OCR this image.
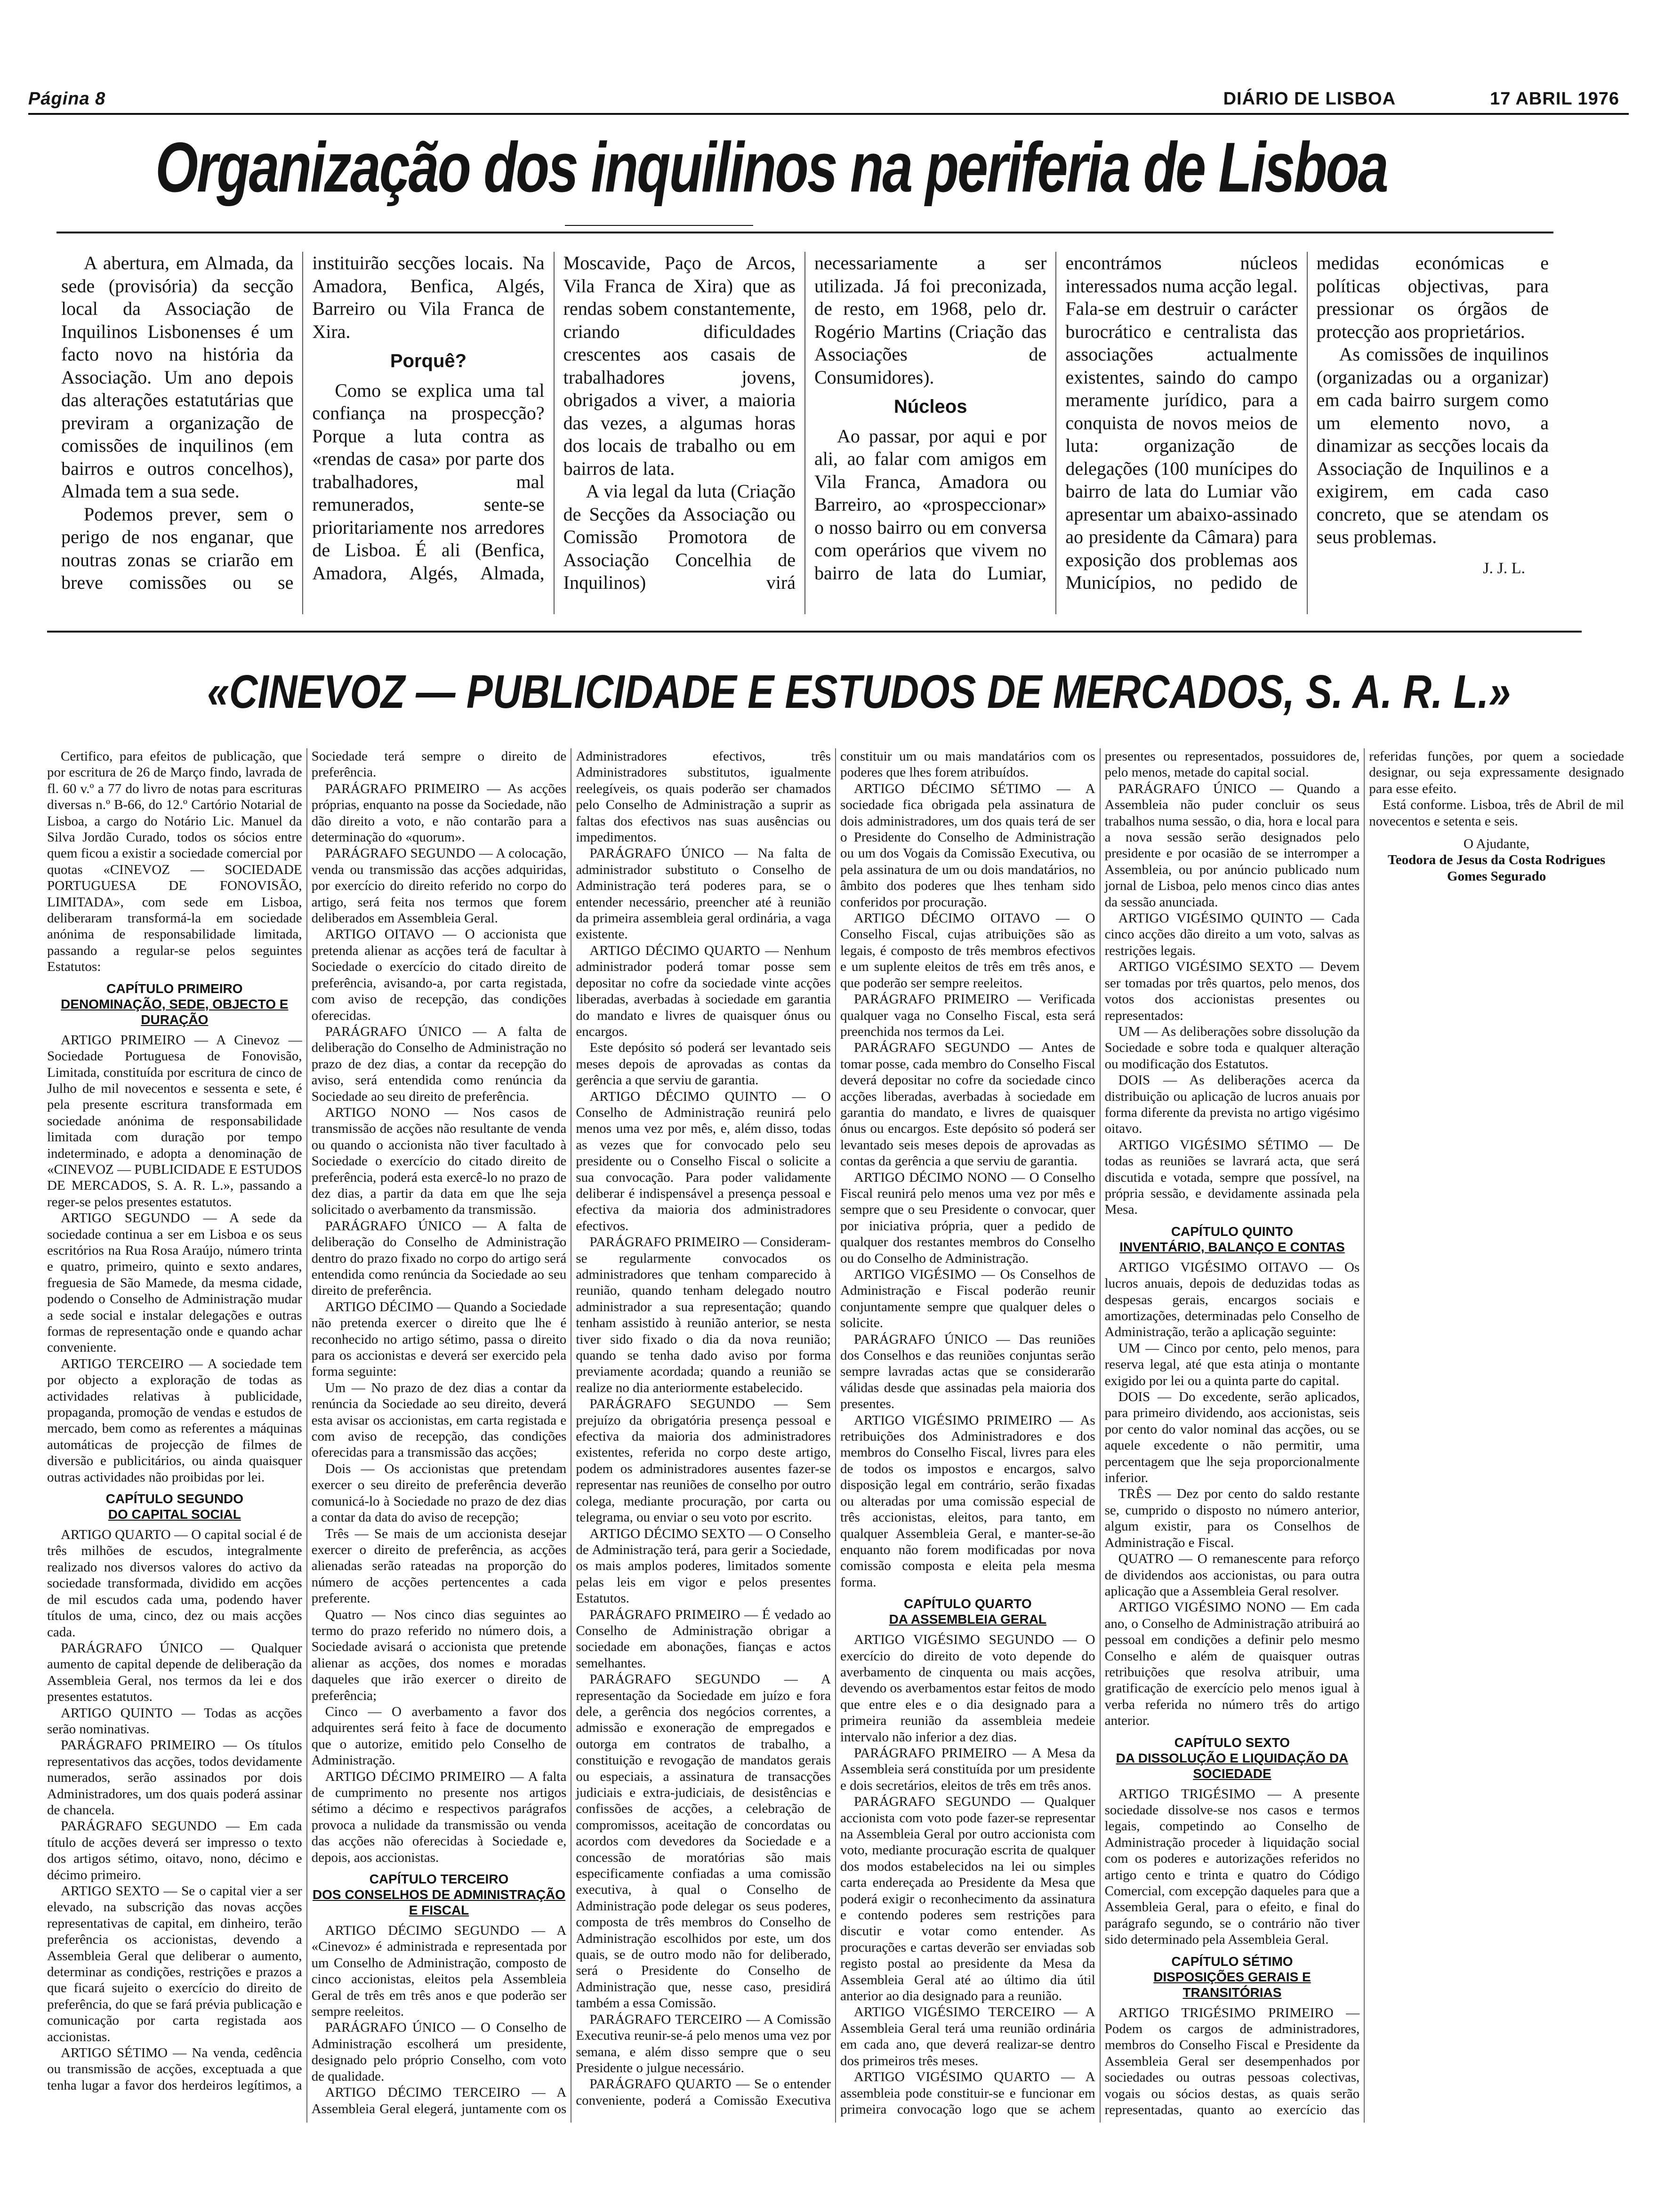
Página 8	DIÁRIO DE LISBOA	17 ABRIL 1976
Organização dos inquilinos na periferia de Lisboa

A abertura, em Almada, da sede (provisória) da secção local da Associação de Inquilinos Lisbonenses é um facto novo na história da Associação. Um ano depois das alterações estatutárias que previram a organização de comissões de inquilinos (em bairros e outros concelhos), Almada tem a sua sede.

Podemos prever, sem o perigo de nos enganar, que noutras zonas se criarão em breve comissões ou se instituirão secções locais. Na Amadora, Benfica, Algés, Barreiro ou Vila Franca de Xira.

Porquê?

Como se explica uma tal confiança na prospecção? Porque a luta contra as «rendas de casa» por parte dos trabalhadores, mal remunerados, sente-se prioritariamente nos arredores de Lisboa. É ali (Benfica, Amadora, Algés, Almada, Moscavide, Paço de Arcos, Vila Franca de Xira) que as rendas sobem constantemente, criando dificuldades crescentes aos casais de trabalhadores jovens, obrigados a viver, a maioria das vezes, a algumas horas dos locais de trabalho ou em bairros de lata.

A via legal da luta (Criação de Secções da Associação ou Comissão Promotora de Associação Concelhia de Inquilinos) virá necessariamente a ser utilizada. Já foi preconizada, de resto, em 1968, pelo dr. Rogério Martins (Criação das Associações de Consumidores).

Núcleos

Ao passar, por aqui e por ali, ao falar com amigos em Vila Franca, Amadora ou Barreiro, ao «prospeccionar» o nosso bairro ou em conversa com operários que vivem no bairro de lata do Lumiar, encontrámos núcleos interessados numa acção legal. Fala-se em destruir o carácter burocrático e centralista das associações actualmente existentes, saindo do campo meramente jurídico, para a conquista de novos meios de luta: organização de delegações (100 munícipes do bairro de lata do Lumiar vão apresentar um abaixo-assinado ao presidente da Câmara) para exposição dos problemas aos Municípios, no pedido de medidas económicas e políticas objectivas, para pressionar os órgãos de protecção aos proprietários.

As comissões de inquilinos (organizadas ou a organizar) em cada bairro surgem como um elemento novo, a dinamizar as secções locais da Associação de Inquilinos e a exigirem, em cada caso concreto, que se atendam os seus problemas.

J. J. L.

«CINEVOZ — PUBLICIDADE E ESTUDOS DE MERCADOS, S. A. R. L.»

Certifico, para efeitos de publicação, que por escritura de 26 de Março findo, lavrada de fl. 60 v.º a 77 do livro de notas para escrituras diversas n.º B-66, do 12.º Cartório Notarial de Lisboa, a cargo do Notário Lic. Manuel da Silva Jordão Curado, todos os sócios entre quem ficou a existir a sociedade comercial por quotas «CINEVOZ — SOCIEDADE PORTUGUESA DE FONOVISÃO, LIMITADA», com sede em Lisboa, deliberaram transformá-la em sociedade anónima de responsabilidade limitada, passando a regular-se pelos seguintes Estatutos:

CAPÍTULO PRIMEIRO
DENOMINAÇÃO, SEDE, OBJECTO E DURAÇÃO

ARTIGO PRIMEIRO — A Cinevoz — Sociedade Portuguesa de Fonovisão, Limitada, constituída por escritura de cinco de Julho de mil novecentos e sessenta e sete, é pela presente escritura transformada em sociedade anónima de responsabilidade limitada com duração por tempo indeterminado, e adopta a denominação de «CINEVOZ — PUBLICIDADE E ESTUDOS DE MERCADOS, S. A. R. L.», passando a reger-se pelos presentes estatutos.

ARTIGO SEGUNDO — A sede da sociedade continua a ser em Lisboa e os seus escritórios na Rua Rosa Araújo, número trinta e quatro, primeiro, quinto e sexto andares, freguesia de São Mamede, da mesma cidade, podendo o Conselho de Administração mudar a sede social e instalar delegações e outras formas de representação onde e quando achar conveniente.

ARTIGO TERCEIRO — A sociedade tem por objecto a exploração de todas as actividades relativas à publicidade, propaganda, promoção de vendas e estudos de mercado, bem como as referentes a máquinas automáticas de projecção de filmes de diversão e publicitários, ou ainda quaisquer outras actividades não proibidas por lei.

CAPÍTULO SEGUNDO
DO CAPITAL SOCIAL

ARTIGO QUARTO — O capital social é de três milhões de escudos, integralmente realizado nos diversos valores do activo da sociedade transformada, dividido em acções de mil escudos cada uma, podendo haver títulos de uma, cinco, dez ou mais acções cada.

PARÁGRAFO ÚNICO — Qualquer aumento de capital depende de deliberação da Assembleia Geral, nos termos da lei e dos presentes estatutos.

ARTIGO QUINTO — Todas as acções serão nominativas.

PARÁGRAFO PRIMEIRO — Os títulos representativos das acções, todos devidamente numerados, serão assinados por dois Administradores, um dos quais poderá assinar de chancela.

PARÁGRAFO SEGUNDO — Em cada título de acções deverá ser impresso o texto dos artigos sétimo, oitavo, nono, décimo e décimo primeiro.

ARTIGO SEXTO — Se o capital vier a ser elevado, na subscrição das novas acções representativas de capital, em dinheiro, terão preferência os accionistas, devendo a Assembleia Geral que deliberar o aumento, determinar as condições, restrições e prazos a que ficará sujeito o exercício do direito de preferência, do que se fará prévia publicação e comunicação por carta registada aos accionistas.

ARTIGO SÉTIMO — Na venda, cedência ou transmissão de acções, exceptuada a que tenha lugar a favor dos herdeiros legítimos, a Sociedade terá sempre o direito de preferência.

PARÁGRAFO PRIMEIRO — As acções próprias, enquanto na posse da Sociedade, não dão direito a voto, e não contarão para a determinação do «quorum».

PARÁGRAFO SEGUNDO — A colocação, venda ou transmissão das acções adquiridas, por exercício do direito referido no corpo do artigo, será feita nos termos que forem deliberados em Assembleia Geral.

ARTIGO OITAVO — O accionista que pretenda alienar as acções terá de facultar à Sociedade o exercício do citado direito de preferência, avisando-a, por carta registada, com aviso de recepção, das condições oferecidas.

PARÁGRAFO ÚNICO — A falta de deliberação do Conselho de Administração no prazo de dez dias, a contar da recepção do aviso, será entendida como renúncia da Sociedade ao seu direito de preferência.

ARTIGO NONO — Nos casos de transmissão de acções não resultante de venda ou quando o accionista não tiver facultado à Sociedade o exercício do citado direito de preferência, poderá esta exercê-lo no prazo de dez dias, a partir da data em que lhe seja solicitado o averbamento da transmissão.

PARÁGRAFO ÚNICO — A falta de deliberação do Conselho de Administração dentro do prazo fixado no corpo do artigo será entendida como renúncia da Sociedade ao seu direito de preferência.

ARTIGO DÉCIMO — Quando a Sociedade não pretenda exercer o direito que lhe é reconhecido no artigo sétimo, passa o direito para os accionistas e deverá ser exercido pela forma seguinte:

Um — No prazo de dez dias a contar da renúncia da Sociedade ao seu direito, deverá esta avisar os accionistas, em carta registada e com aviso de recepção, das condições oferecidas para a transmissão das acções;

Dois — Os accionistas que pretendam exercer o seu direito de preferência deverão comunicá-lo à Sociedade no prazo de dez dias a contar da data do aviso de recepção;

Três — Se mais de um accionista desejar exercer o direito de preferência, as acções alienadas serão rateadas na proporção do número de acções pertencentes a cada preferente.

Quatro — Nos cinco dias seguintes ao termo do prazo referido no número dois, a Sociedade avisará o accionista que pretende alienar as acções, dos nomes e moradas daqueles que irão exercer o direito de preferência;

Cinco — O averbamento a favor dos adquirentes será feito à face de documento que o autorize, emitido pelo Conselho de Administração.

ARTIGO DÉCIMO PRIMEIRO — A falta de cumprimento no presente nos artigos sétimo a décimo e respectivos parágrafos provoca a nulidade da transmissão ou venda das acções não oferecidas à Sociedade e, depois, aos accionistas.

CAPÍTULO TERCEIRO
DOS CONSELHOS DE ADMINISTRAÇÃO E FISCAL

ARTIGO DÉCIMO SEGUNDO — A «Cinevoz» é administrada e representada por um Conselho de Administração, composto de cinco accionistas, eleitos pela Assembleia Geral de três em três anos e que poderão ser sempre reeleitos.

PARÁGRAFO ÚNICO — O Conselho de Administração escolherá um presidente, designado pelo próprio Conselho, com voto de qualidade.

ARTIGO DÉCIMO TERCEIRO — A Assembleia Geral elegerá, juntamente com os Administradores efectivos, três Administradores substitutos, igualmente reelegíveis, os quais poderão ser chamados pelo Conselho de Administração a suprir as faltas dos efectivos nas suas ausências ou impedimentos.

PARÁGRAFO ÚNICO — Na falta de administrador substituto o Conselho de Administração terá poderes para, se o entender necessário, preencher até à reunião da primeira assembleia geral ordinária, a vaga existente.

ARTIGO DÉCIMO QUARTO — Nenhum administrador poderá tomar posse sem depositar no cofre da sociedade vinte acções liberadas, averbadas à sociedade em garantia do mandato e livres de quaisquer ónus ou encargos.

Este depósito só poderá ser levantado seis meses depois de aprovadas as contas da gerência a que serviu de garantia.

ARTIGO DÉCIMO QUINTO — O Conselho de Administração reunirá pelo menos uma vez por mês, e, além disso, todas as vezes que for convocado pelo seu presidente ou o Conselho Fiscal o solicite a sua convocação. Para poder validamente deliberar é indispensável a presença pessoal e efectiva da maioria dos administradores efectivos.

PARÁGRAFO PRIMEIRO — Consideram-se regularmente convocados os administradores que tenham comparecido à reunião, quando tenham delegado noutro administrador a sua representação; quando tenham assistido à reunião anterior, se nesta tiver sido fixado o dia da nova reunião; quando se tenha dado aviso por forma previamente acordada; quando a reunião se realize no dia anteriormente estabelecido.

PARÁGRAFO SEGUNDO — Sem prejuízo da obrigatória presença pessoal e efectiva da maioria dos administradores existentes, referida no corpo deste artigo, podem os administradores ausentes fazer-se representar nas reuniões de conselho por outro colega, mediante procuração, por carta ou telegrama, ou enviar o seu voto por escrito.

ARTIGO DÉCIMO SEXTO — O Conselho de Administração terá, para gerir a Sociedade, os mais amplos poderes, limitados somente pelas leis em vigor e pelos presentes Estatutos.

PARÁGRAFO PRIMEIRO — É vedado ao Conselho de Administração obrigar a sociedade em abonações, fianças e actos semelhantes.

PARÁGRAFO SEGUNDO — A representação da Sociedade em juízo e fora dele, a gerência dos negócios correntes, a admissão e exoneração de empregados e outorga em contratos de trabalho, a constituição e revogação de mandatos gerais ou especiais, a assinatura de transacções judiciais e extra-judiciais, de desistências e confissões de acções, a celebração de compromissos, aceitação de concordatas ou acordos com devedores da Sociedade e a concessão de moratórias são mais especificamente confiadas a uma comissão executiva, à qual o Conselho de Administração pode delegar os seus poderes, composta de três membros do Conselho de Administração escolhidos por este, um dos quais, se de outro modo não for deliberado, será o Presidente do Conselho de Administração que, nesse caso, presidirá também a essa Comissão.

PARÁGRAFO TERCEIRO — A Comissão Executiva reunir-se-á pelo menos uma vez por semana, e além disso sempre que o seu Presidente o julgue necessário.

PARÁGRAFO QUARTO — Se o entender conveniente, poderá a Comissão Executiva constituir um ou mais mandatários com os poderes que lhes forem atribuídos.

ARTIGO DÉCIMO SÉTIMO — A sociedade fica obrigada pela assinatura de dois administradores, um dos quais terá de ser o Presidente do Conselho de Administração ou um dos Vogais da Comissão Executiva, ou pela assinatura de um ou dois mandatários, no âmbito dos poderes que lhes tenham sido conferidos por procuração.

ARTIGO DÉCIMO OITAVO — O Conselho Fiscal, cujas atribuições são as legais, é composto de três membros efectivos e um suplente eleitos de três em três anos, e que poderão ser sempre reeleitos.

PARÁGRAFO PRIMEIRO — Verificada qualquer vaga no Conselho Fiscal, esta será preenchida nos termos da Lei.

PARÁGRAFO SEGUNDO — Antes de tomar posse, cada membro do Conselho Fiscal deverá depositar no cofre da sociedade cinco acções liberadas, averbadas à sociedade em garantia do mandato, e livres de quaisquer ónus ou encargos. Este depósito só poderá ser levantado seis meses depois de aprovadas as contas da gerência a que serviu de garantia.

ARTIGO DÉCIMO NONO — O Conselho Fiscal reunirá pelo menos uma vez por mês e sempre que o seu Presidente o convocar, quer por iniciativa própria, quer a pedido de qualquer dos restantes membros do Conselho ou do Conselho de Administração.

ARTIGO VIGÉSIMO — Os Conselhos de Administração e Fiscal poderão reunir conjuntamente sempre que qualquer deles o solicite.

PARÁGRAFO ÚNICO — Das reuniões dos Conselhos e das reuniões conjuntas serão sempre lavradas actas que se considerarão válidas desde que assinadas pela maioria dos presentes.

ARTIGO VIGÉSIMO PRIMEIRO — As retribuições dos Administradores e dos membros do Conselho Fiscal, livres para eles de todos os impostos e encargos, salvo disposição legal em contrário, serão fixadas ou alteradas por uma comissão especial de três accionistas, eleitos, para tanto, em qualquer Assembleia Geral, e manter-se-ão enquanto não forem modificadas por nova comissão composta e eleita pela mesma forma.

CAPÍTULO QUARTO
DA ASSEMBLEIA GERAL

ARTIGO VIGÉSIMO SEGUNDO — O exercício do direito de voto depende do averbamento de cinquenta ou mais acções, devendo os averbamentos estar feitos de modo que entre eles e o dia designado para a primeira reunião da assembleia medeie intervalo não inferior a dez dias.

PARÁGRAFO PRIMEIRO — A Mesa da Assembleia será constituída por um presidente e dois secretários, eleitos de três em três anos.

PARÁGRAFO SEGUNDO — Qualquer accionista com voto pode fazer-se representar na Assembleia Geral por outro accionista com voto, mediante procuração escrita de qualquer dos modos estabelecidos na lei ou simples carta endereçada ao Presidente da Mesa que poderá exigir o reconhecimento da assinatura e contendo poderes sem restrições para discutir e votar como entender. As procurações e cartas deverão ser enviadas sob registo postal ao presidente da Mesa da Assembleia Geral até ao último dia útil anterior ao dia designado para a reunião.

ARTIGO VIGÉSIMO TERCEIRO — A Assembleia Geral terá uma reunião ordinária em cada ano, que deverá realizar-se dentro dos primeiros três meses.

ARTIGO VIGÉSIMO QUARTO — A assembleia pode constituir-se e funcionar em primeira convocação logo que se achem presentes ou representados, possuidores de, pelo menos, metade do capital social.

PARÁGRAFO ÚNICO — Quando a Assembleia não puder concluir os seus trabalhos numa sessão, o dia, hora e local para a nova sessão serão designados pelo presidente e por ocasião de se interromper a Assembleia, ou por anúncio publicado num jornal de Lisboa, pelo menos cinco dias antes da sessão anunciada.

ARTIGO VIGÉSIMO QUINTO — Cada cinco acções dão direito a um voto, salvas as restrições legais.

ARTIGO VIGÉSIMO SEXTO — Devem ser tomadas por três quartos, pelo menos, dos votos dos accionistas presentes ou representados:

UM — As deliberações sobre dissolução da Sociedade e sobre toda e qualquer alteração ou modificação dos Estatutos.

DOIS — As deliberações acerca da distribuição ou aplicação de lucros anuais por forma diferente da prevista no artigo vigésimo oitavo.

ARTIGO VIGÉSIMO SÉTIMO — De todas as reuniões se lavrará acta, que será discutida e votada, sempre que possível, na própria sessão, e devidamente assinada pela Mesa.

CAPÍTULO QUINTO
INVENTÁRIO, BALANÇO E CONTAS

ARTIGO VIGÉSIMO OITAVO — Os lucros anuais, depois de deduzidas todas as despesas gerais, encargos sociais e amortizações, determinadas pelo Conselho de Administração, terão a aplicação seguinte:

UM — Cinco por cento, pelo menos, para reserva legal, até que esta atinja o montante exigido por lei ou a quinta parte do capital.

DOIS — Do excedente, serão aplicados, para primeiro dividendo, aos accionistas, seis por cento do valor nominal das acções, ou se aquele excedente o não permitir, uma percentagem que lhe seja proporcionalmente inferior.

TRÊS — Dez por cento do saldo restante se, cumprido o disposto no número anterior, algum existir, para os Conselhos de Administração e Fiscal.

QUATRO — O remanescente para reforço de dividendos aos accionistas, ou para outra aplicação que a Assembleia Geral resolver.

ARTIGO VIGÉSIMO NONO — Em cada ano, o Conselho de Administração atribuirá ao pessoal em condições a definir pelo mesmo Conselho e além de quaisquer outras retribuições que resolva atribuir, uma gratificação de exercício pelo menos igual à verba referida no número três do artigo anterior.

CAPÍTULO SEXTO
DA DISSOLUÇÃO E LIQUIDAÇÃO DA SOCIEDADE

ARTIGO TRIGÉSIMO — A presente sociedade dissolve-se nos casos e termos legais, competindo ao Conselho de Administração proceder à liquidação social com os poderes e autorizações referidos no artigo cento e trinta e quatro do Código Comercial, com excepção daqueles para que a Assembleia Geral, para o efeito, e final do parágrafo segundo, se o contrário não tiver sido determinado pela Assembleia Geral.

CAPÍTULO SÉTIMO
DISPOSIÇÕES GERAIS E TRANSITÓRIAS

ARTIGO TRIGÉSIMO PRIMEIRO — Podem os cargos de administradores, membros do Conselho Fiscal e Presidente da Assembleia Geral ser desempenhados por sociedades ou outras pessoas colectivas, vogais ou sócios destas, as quais serão representadas, quanto ao exercício das referidas funções, por quem a sociedade designar, ou seja expressamente designado para esse efeito.

Está conforme. Lisboa, três de Abril de mil novecentos e setenta e seis.

O Ajudante,

Teodora de Jesus da Costa Rodrigues Gomes Segurado
